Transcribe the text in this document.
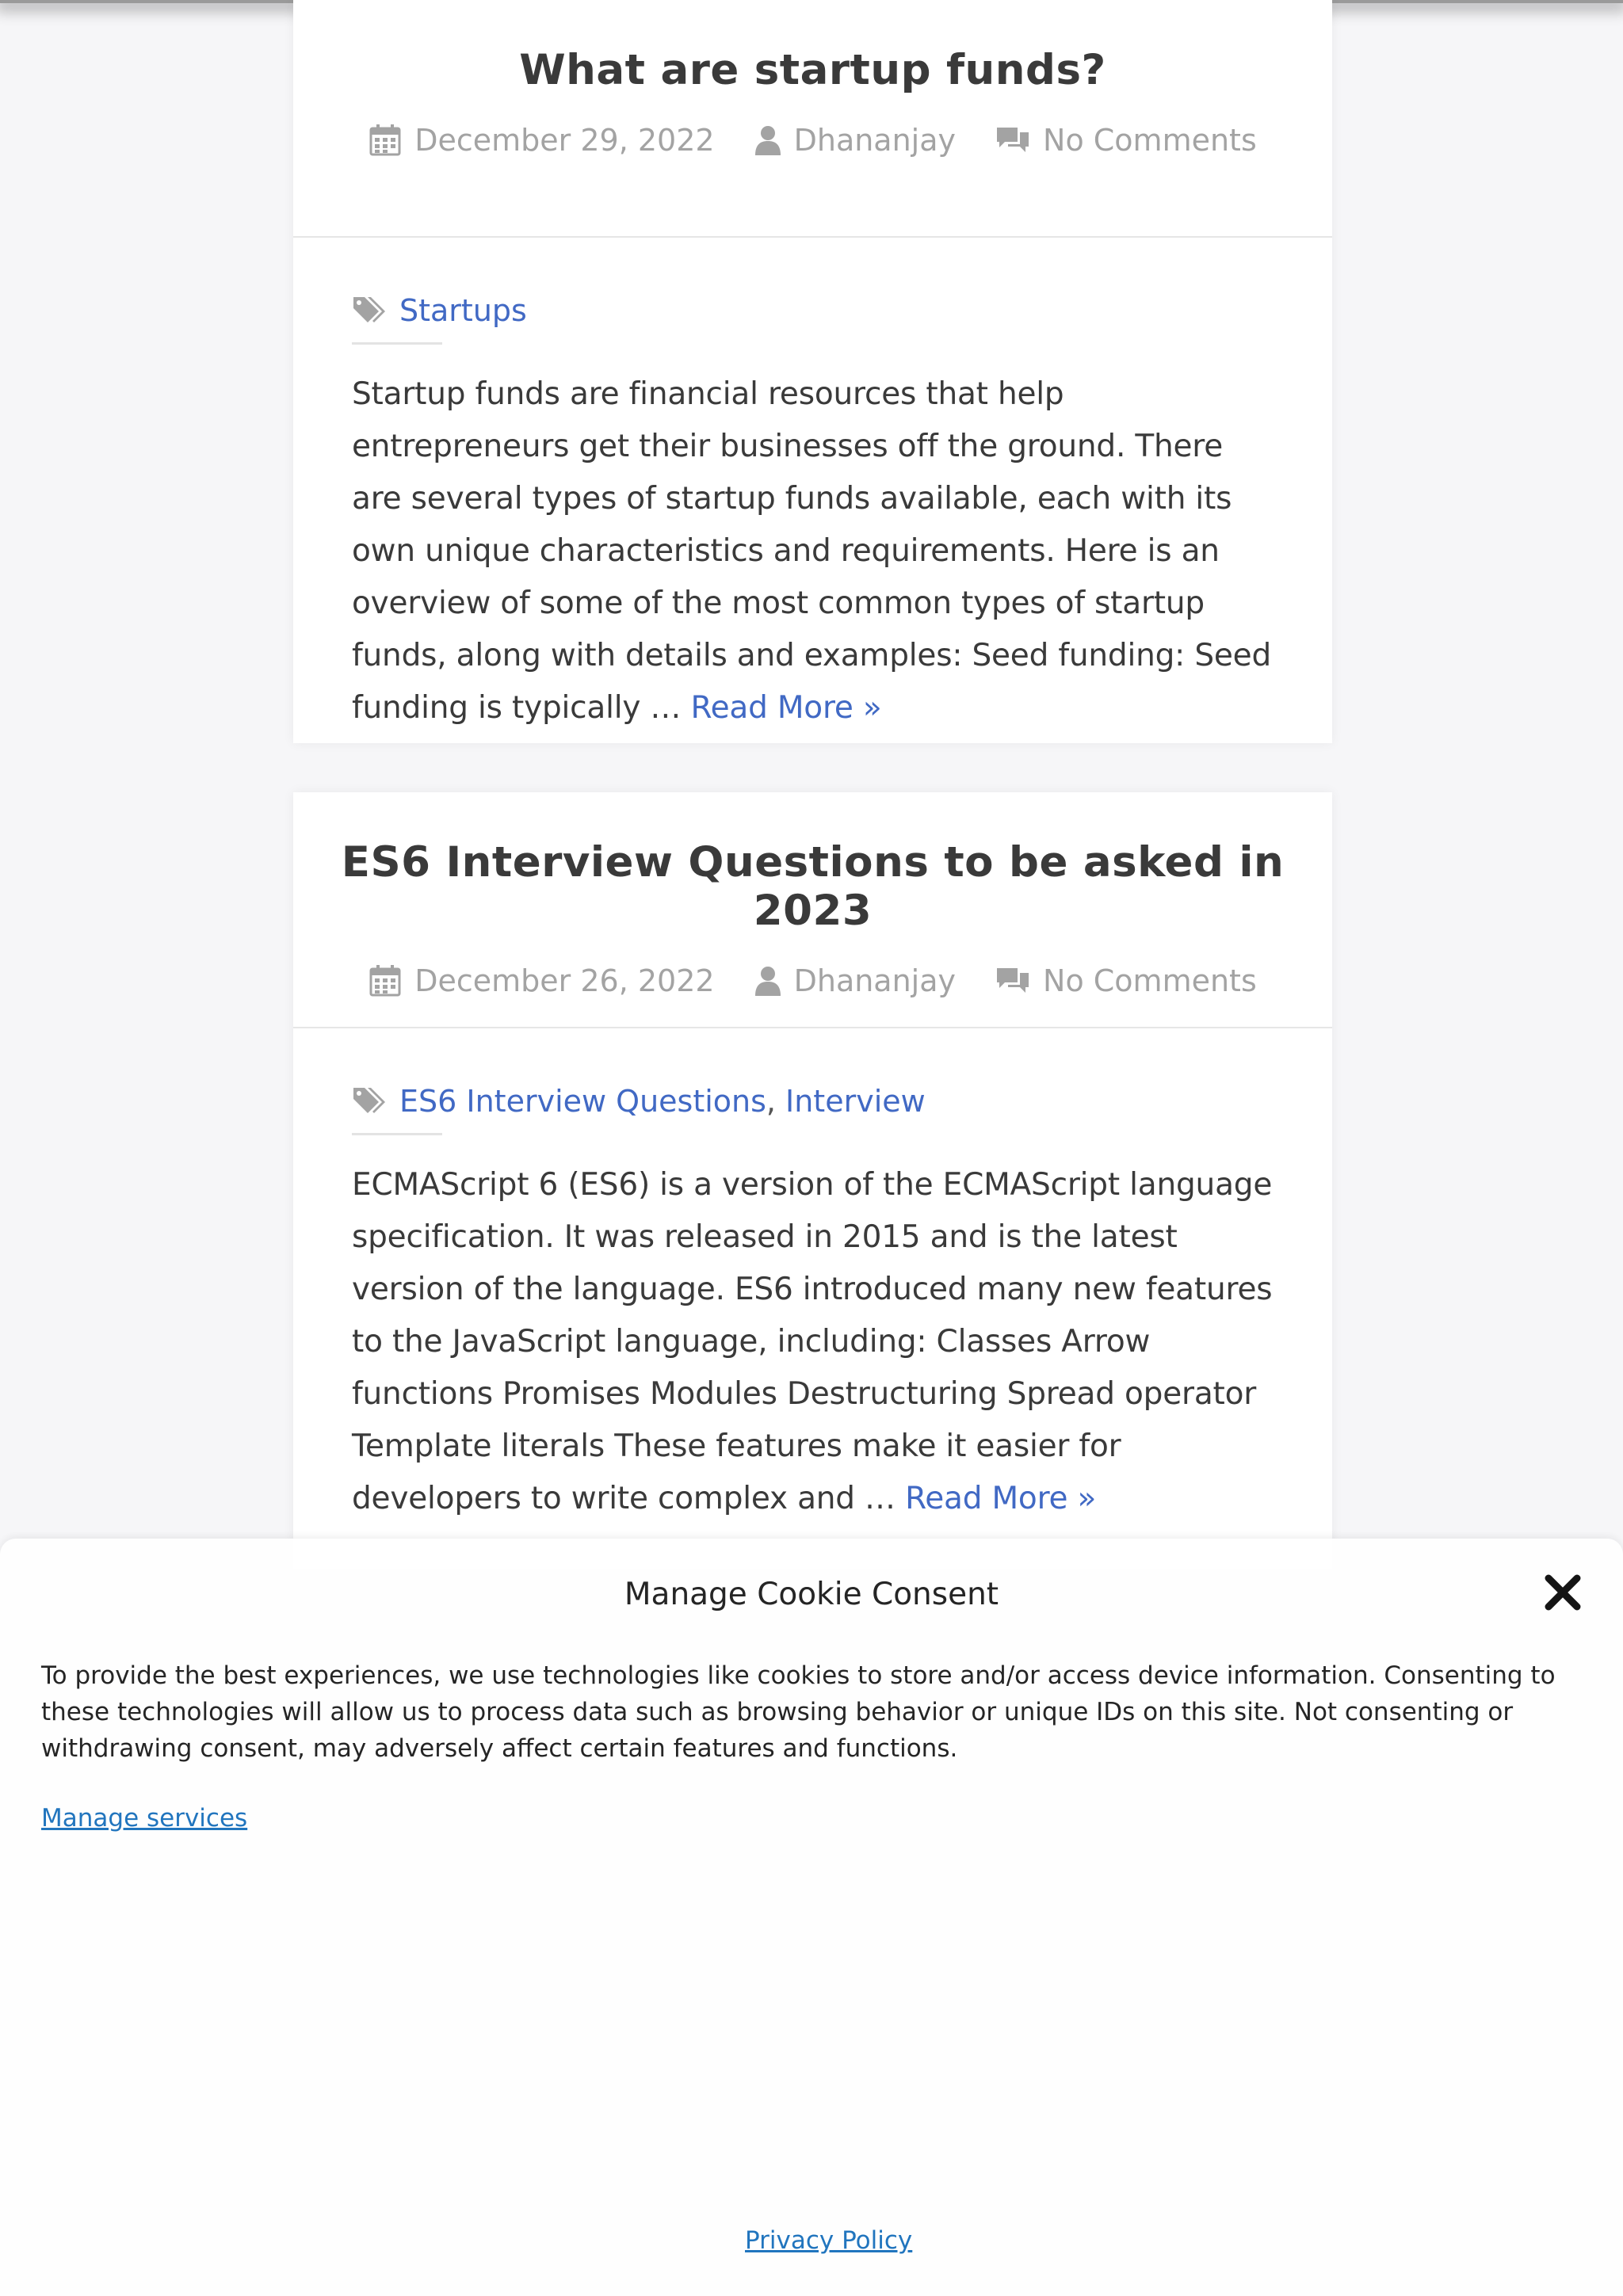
What are startup funds?
December 29, 2022	Dhananjay	No Comments
Startups

Startup funds are financial resources that help entrepreneurs get their businesses off the ground. There are several types of startup funds available, each with its own unique characteristics and requirements. Here is an overview of some of the most common types of startup funds, along with details and examples: Seed funding: Seed funding is typically … Read More »

ES6 Interview Questions to be asked in 2023
December 26, 2022	Dhananjay	No Comments
ES6 Interview Questions , Interview

ECMAScript 6 (ES6) is a version of the ECMAScript language specification. It was released in 2015 and is the latest version of the language. ES6 introduced many new features to the JavaScript language, including: Classes Arrow functions Promises Modules Destructuring Spread operator Template literals These features make it easier for developers to write complex and … Read More »

Manage Cookie Consent

To provide the best experiences, we use technologies like cookies to store and/or access device information. Consenting to these technologies will allow us to process data such as browsing behavior or unique IDs on this site. Not consenting or withdrawing consent, may adversely affect certain features and functions.

Manage services
Privacy Policy
